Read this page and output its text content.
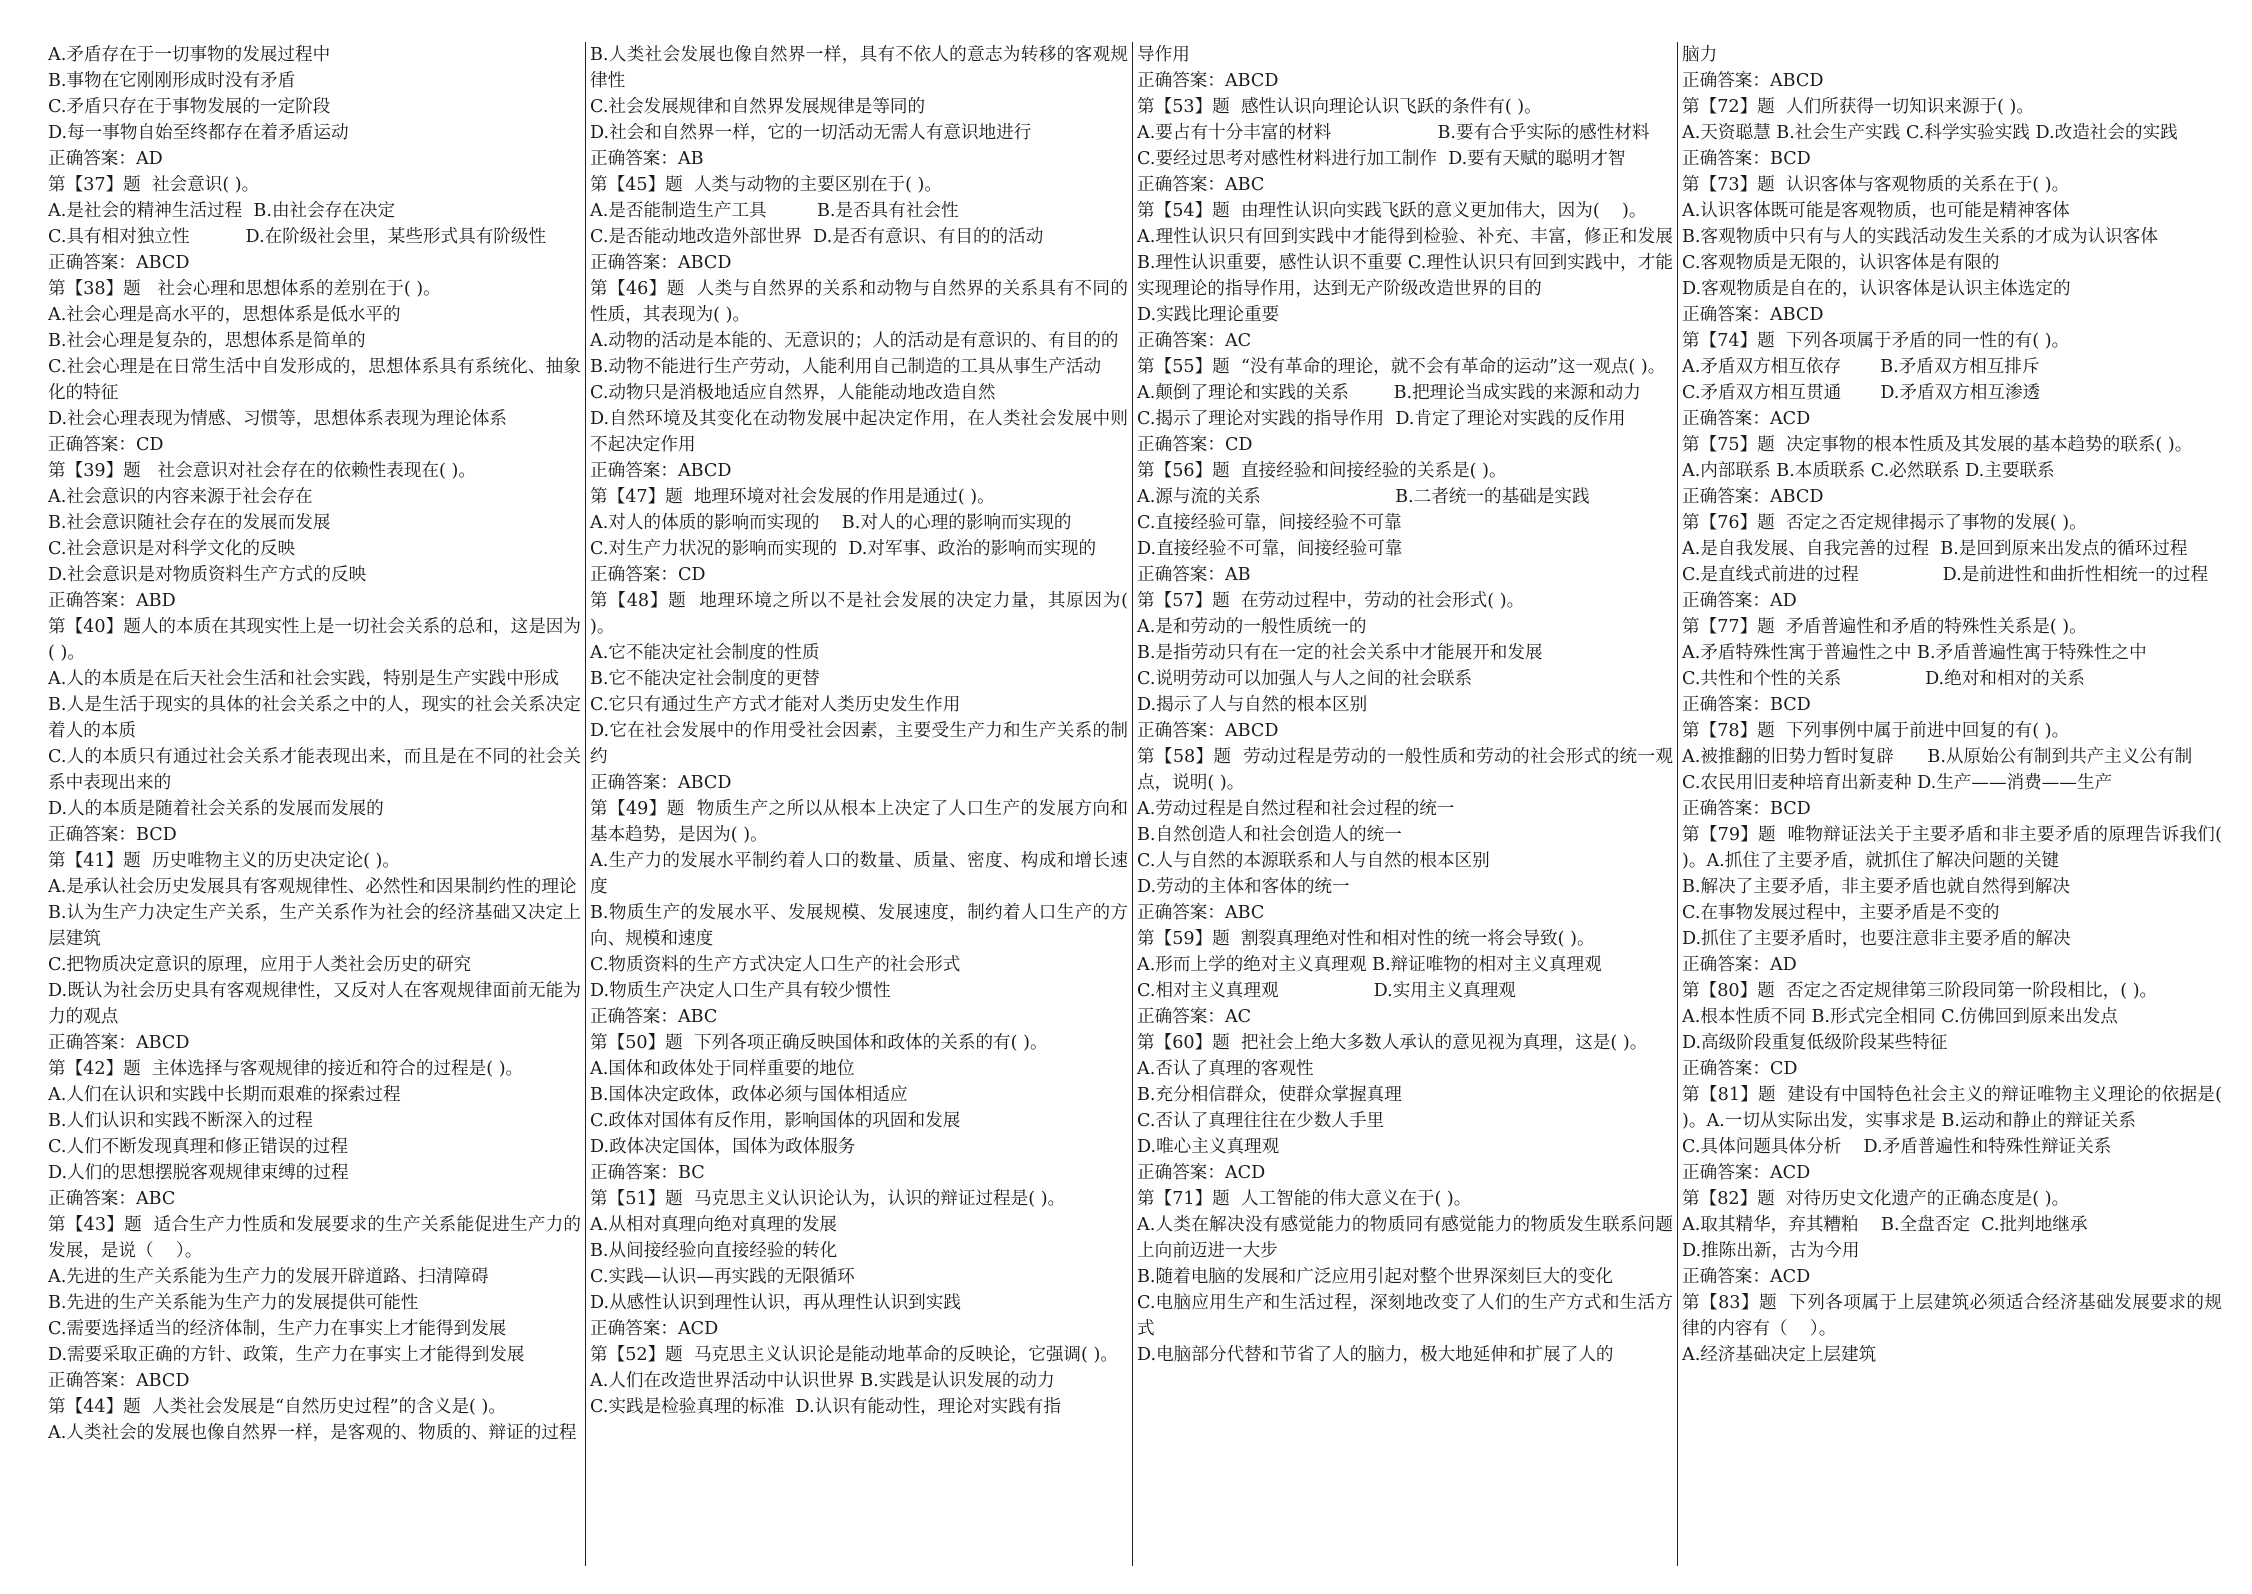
A.矛盾存在于一切事物的发展过程中
B.事物在它刚刚形成时没有矛盾
C.矛盾只存在于事物发展的一定阶段
D.每一事物自始至终都存在着矛盾运动
正确答案：AD
第【37】题  社会意识( )。
A.是社会的精神生活过程  B.由社会存在决定
C.具有相对独立性          D.在阶级社会里，某些形式具有阶级性
正确答案：ABCD
第【38】题   社会心理和思想体系的差别在于( )。
A.社会心理是高水平的，思想体系是低水平的
B.社会心理是复杂的，思想体系是简单的
C.社会心理是在日常生活中自发形成的，思想体系具有系统化、抽象化的特征
D.社会心理表现为情感、习惯等，思想体系表现为理论体系
正确答案：CD
第【39】题   社会意识对社会存在的依赖性表现在( )。
A.社会意识的内容来源于社会存在
B.社会意识随社会存在的发展而发展
C.社会意识是对科学文化的反映
D.社会意识是对物质资料生产方式的反映
正确答案：ABD
第【40】题人的本质在其现实性上是一切社会关系的总和，这是因为( )。
A.人的本质是在后天社会生活和社会实践，特别是生产实践中形成
B.人是生活于现实的具体的社会关系之中的人，现实的社会关系决定着人的本质
C.人的本质只有通过社会关系才能表现出来，而且是在不同的社会关系中表现出来的
D.人的本质是随着社会关系的发展而发展的
正确答案：BCD
第【41】题  历史唯物主义的历史决定论( )。
A.是承认社会历史发展具有客观规律性、必然性和因果制约性的理论
B.认为生产力决定生产关系，生产关系作为社会的经济基础又决定上层建筑
C.把物质决定意识的原理，应用于人类社会历史的研究
D.既认为社会历史具有客观规律性，又反对人在客观规律面前无能为力的观点
正确答案：ABCD
第【42】题  主体选择与客观规律的接近和符合的过程是( )。
A.人们在认识和实践中长期而艰难的探索过程
B.人们认识和实践不断深入的过程
C.人们不断发现真理和修正错误的过程
D.人们的思想摆脱客观规律束缚的过程
正确答案：ABC
第【43】题  适合生产力性质和发展要求的生产关系能促进生产力的发展，是说（    ）。
A.先进的生产关系能为生产力的发展开辟道路、扫清障碍
B.先进的生产关系能为生产力的发展提供可能性
C.需要选择适当的经济体制，生产力在事实上才能得到发展
D.需要采取正确的方针、政策，生产力在事实上才能得到发展
正确答案：ABCD
第【44】题  人类社会发展是“自然历史过程”的含义是( )。
A.人类社会的发展也像自然界一样，是客观的、物质的、辩证的过程
B.人类社会发展也像自然界一样，具有不依人的意志为转移的客观规律性
C.社会发展规律和自然界发展规律是等同的
D.社会和自然界一样，它的一切活动无需人有意识地进行
正确答案：AB
第【45】题  人类与动物的主要区别在于( )。
A.是否能制造生产工具         B.是否具有社会性
C.是否能动地改造外部世界  D.是否有意识、有目的的活动
正确答案：ABCD
第【46】题  人类与自然界的关系和动物与自然界的关系具有不同的性质，其表现为( )。
A.动物的活动是本能的、无意识的；人的活动是有意识的、有目的的
B.动物不能进行生产劳动，人能利用自己制造的工具从事生产活动
C.动物只是消极地适应自然界，人能能动地改造自然
D.自然环境及其变化在动物发展中起决定作用，在人类社会发展中则不起决定作用
正确答案：ABCD
第【47】题  地理环境对社会发展的作用是通过( )。
A.对人的体质的影响而实现的    B.对人的心理的影响而实现的
C.对生产力状况的影响而实现的  D.对军事、政治的影响而实现的
正确答案：CD
第【48】题  地理环境之所以不是社会发展的决定力量，其原因为( )。
A.它不能决定社会制度的性质
B.它不能决定社会制度的更替
C.它只有通过生产方式才能对人类历史发生作用
D.它在社会发展中的作用受社会因素，主要受生产力和生产关系的制约
正确答案：ABCD
第【49】题  物质生产之所以从根本上决定了人口生产的发展方向和基本趋势，是因为( )。
A.生产力的发展水平制约着人口的数量、质量、密度、构成和增长速度
B.物质生产的发展水平、发展规模、发展速度，制约着人口生产的方向、规模和速度
C.物质资料的生产方式决定人口生产的社会形式
D.物质生产决定人口生产具有较少惯性
正确答案：ABC
第【50】题  下列各项正确反映国体和政体的关系的有( )。
A.国体和政体处于同样重要的地位
B.国体决定政体，政体必须与国体相适应
C.政体对国体有反作用，影响国体的巩固和发展
D.政体决定国体，国体为政体服务
正确答案：BC
第【51】题  马克思主义认识论认为，认识的辩证过程是( )。
A.从相对真理向绝对真理的发展
B.从间接经验向直接经验的转化
C.实践—认识—再实践的无限循环
D.从感性认识到理性认识，再从理性认识到实践
正确答案：ACD
第【52】题  马克思主义认识论是能动地革命的反映论，它强调( )。
A.人们在改造世界活动中认识世界 B.实践是认识发展的动力
C.实践是检验真理的标准  D.认识有能动性，理论对实践有指
导作用
正确答案：ABCD
第【53】题  感性认识向理论认识飞跃的条件有( )。
A.要占有十分丰富的材料                   B.要有合乎实际的感性材料
C.要经过思考对感性材料进行加工制作  D.要有天赋的聪明才智
正确答案：ABC
第【54】题  由理性认识向实践飞跃的意义更加伟大，因为(    )。
A.理性认识只有回到实践中才能得到检验、补充、丰富，修正和发展 B.理性认识重要，感性认识不重要 C.理性认识只有回到实践中，才能实现理论的指导作用，达到无产阶级改造世界的目的
D.实践比理论重要
正确答案：AC
第【55】题  “没有革命的理论，就不会有革命的运动”这一观点( )。
A.颠倒了理论和实践的关系        B.把理论当成实践的来源和动力
C.揭示了理论对实践的指导作用  D.肯定了理论对实践的反作用
正确答案：CD
第【56】题  直接经验和间接经验的关系是( )。
A.源与流的关系                        B.二者统一的基础是实践
C.直接经验可靠，间接经验不可靠
D.直接经验不可靠，间接经验可靠
正确答案：AB
第【57】题  在劳动过程中，劳动的社会形式( )。
A.是和劳动的一般性质统一的
B.是指劳动只有在一定的社会关系中才能展开和发展
C.说明劳动可以加强人与人之间的社会联系
D.揭示了人与自然的根本区别
正确答案：ABCD
第【58】题  劳动过程是劳动的一般性质和劳动的社会形式的统一观点，说明( )。
A.劳动过程是自然过程和社会过程的统一
B.自然创造人和社会创造人的统一
C.人与自然的本源联系和人与自然的根本区别
D.劳动的主体和客体的统一
正确答案：ABC
第【59】题  割裂真理绝对性和相对性的统一将会导致( )。
A.形而上学的绝对主义真理观 B.辩证唯物的相对主义真理观
C.相对主义真理观                 D.实用主义真理观
正确答案：AC
第【60】题  把社会上绝大多数人承认的意见视为真理，这是( )。
A.否认了真理的客观性
B.充分相信群众，使群众掌握真理
C.否认了真理往往在少数人手里
D.唯心主义真理观
正确答案：ACD
第【71】题  人工智能的伟大意义在于( )。
A.人类在解决没有感觉能力的物质同有感觉能力的物质发生联系问题上向前迈进一大步
B.随着电脑的发展和广泛应用引起对整个世界深刻巨大的变化
C.电脑应用生产和生活过程，深刻地改变了人们的生产方式和生活方式
D.电脑部分代替和节省了人的脑力，极大地延伸和扩展了人的
脑力
正确答案：ABCD
第【72】题  人们所获得一切知识来源于( )。
A.天资聪慧 B.社会生产实践 C.科学实验实践 D.改造社会的实践
正确答案：BCD
第【73】题  认识客体与客观物质的关系在于( )。
A.认识客体既可能是客观物质，也可能是精神客体
B.客观物质中只有与人的实践活动发生关系的才成为认识客体
C.客观物质是无限的，认识客体是有限的
D.客观物质是自在的，认识客体是认识主体选定的
正确答案：ABCD
第【74】题  下列各项属于矛盾的同一性的有( )。
A.矛盾双方相互依存       B.矛盾双方相互排斥
C.矛盾双方相互贯通       D.矛盾双方相互渗透
正确答案：ACD
第【75】题  决定事物的根本性质及其发展的基本趋势的联系( )。
A.内部联系 B.本质联系 C.必然联系 D.主要联系
正确答案：ABCD
第【76】题  否定之否定规律揭示了事物的发展( )。
A.是自我发展、自我完善的过程  B.是回到原来出发点的循环过程
C.是直线式前进的过程               D.是前进性和曲折性相统一的过程
正确答案：AD
第【77】题  矛盾普遍性和矛盾的特殊性关系是( )。
A.矛盾特殊性寓于普遍性之中 B.矛盾普遍性寓于特殊性之中
C.共性和个性的关系               D.绝对和相对的关系
正确答案：BCD
第【78】题  下列事例中属于前进中回复的有( )。
A.被推翻的旧势力暂时复辟      B.从原始公有制到共产主义公有制
C.农民用旧麦种培育出新麦种 D.生产——消费——生产
正确答案：BCD
第【79】题  唯物辩证法关于主要矛盾和非主要矛盾的原理告诉我们( )。A.抓住了主要矛盾，就抓住了解决问题的关键
B.解决了主要矛盾，非主要矛盾也就自然得到解决
C.在事物发展过程中，主要矛盾是不变的
D.抓住了主要矛盾时，也要注意非主要矛盾的解决
正确答案：AD
第【80】题  否定之否定规律第三阶段同第一阶段相比，( )。
A.根本性质不同 B.形式完全相同 C.仿佛回到原来出发点
D.高级阶段重复低级阶段某些特征
正确答案：CD
第【81】题  建设有中国特色社会主义的辩证唯物主义理论的依据是( )。A.一切从实际出发，实事求是 B.运动和静止的辩证关系
C.具体问题具体分析    D.矛盾普遍性和特殊性辩证关系
正确答案：ACD
第【82】题  对待历史文化遗产的正确态度是( )。
A.取其精华，弃其糟粕    B.全盘否定  C.批判地继承
D.推陈出新，古为今用
正确答案：ACD
第【83】题  下列各项属于上层建筑必须适合经济基础发展要求的规律的内容有（    ）。
A.经济基础决定上层建筑
